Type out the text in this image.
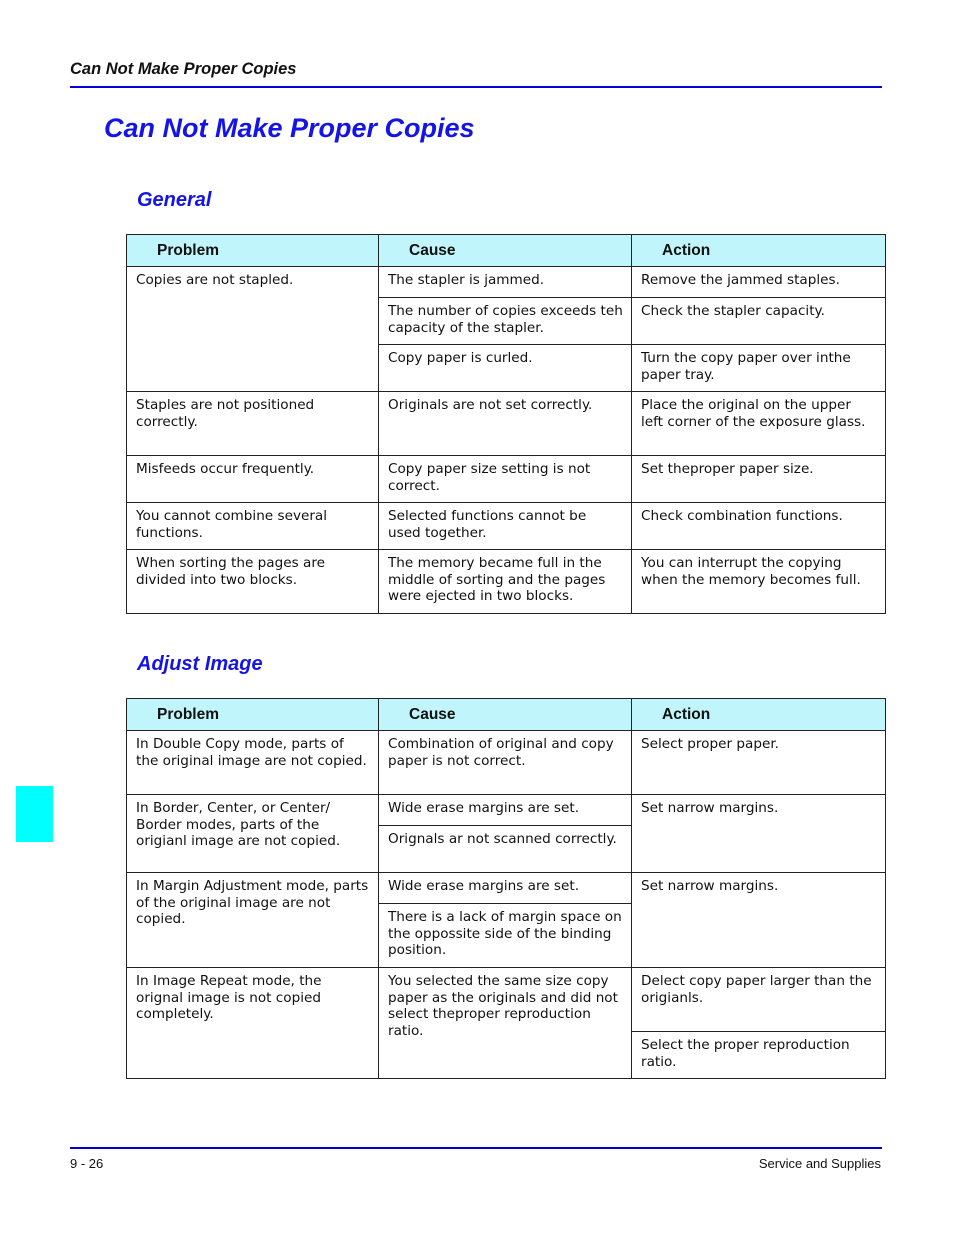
Can Not Make Proper Copies
Can Not Make Proper Copies
General
Problem	Cause	Action
Copies are not stapled.	The stapler is jammed.	Remove the jammed staples.
	The number of copies exceeds teh capacity of the stapler.	Check the stapler capacity.
	Copy paper is curled.	Turn the copy paper over inthe paper tray.
Staples are not positioned correctly.	Originals are not set correctly.	Place the original on the upper left corner of the exposure glass.
Misfeeds occur frequently.	Copy paper size setting is not correct.	Set theproper paper size.
You cannot combine several functions.	Selected functions cannot be used together.	Check combination functions.
When sorting the pages are divided into two blocks.	The memory became full in the middle of sorting and the pages were ejected in two blocks.	You can interrupt the copying when the memory becomes full.
Adjust Image
Problem	Cause	Action
In Double Copy mode, parts of the original image are not copied.	Combination of original and copy paper is not correct.	Select proper paper.
In Border, Center, or Center/ Border modes, parts of the origianl image are not copied.	Wide erase margins are set.	Set narrow margins.
	Orignals ar not scanned correctly.	
In Margin Adjustment mode, parts of the original image are not copied.	Wide erase margins are set.	Set narrow margins.
	There is a lack of margin space on the oppossite side of the binding position.	
In Image Repeat mode, the orignal image is not copied completely.	You selected the same size copy paper as the originals and did not select theproper reproduction ratio.	Delect copy paper larger than the origianls.
		Select the proper reproduction ratio.
9 - 26	Service and Supplies
